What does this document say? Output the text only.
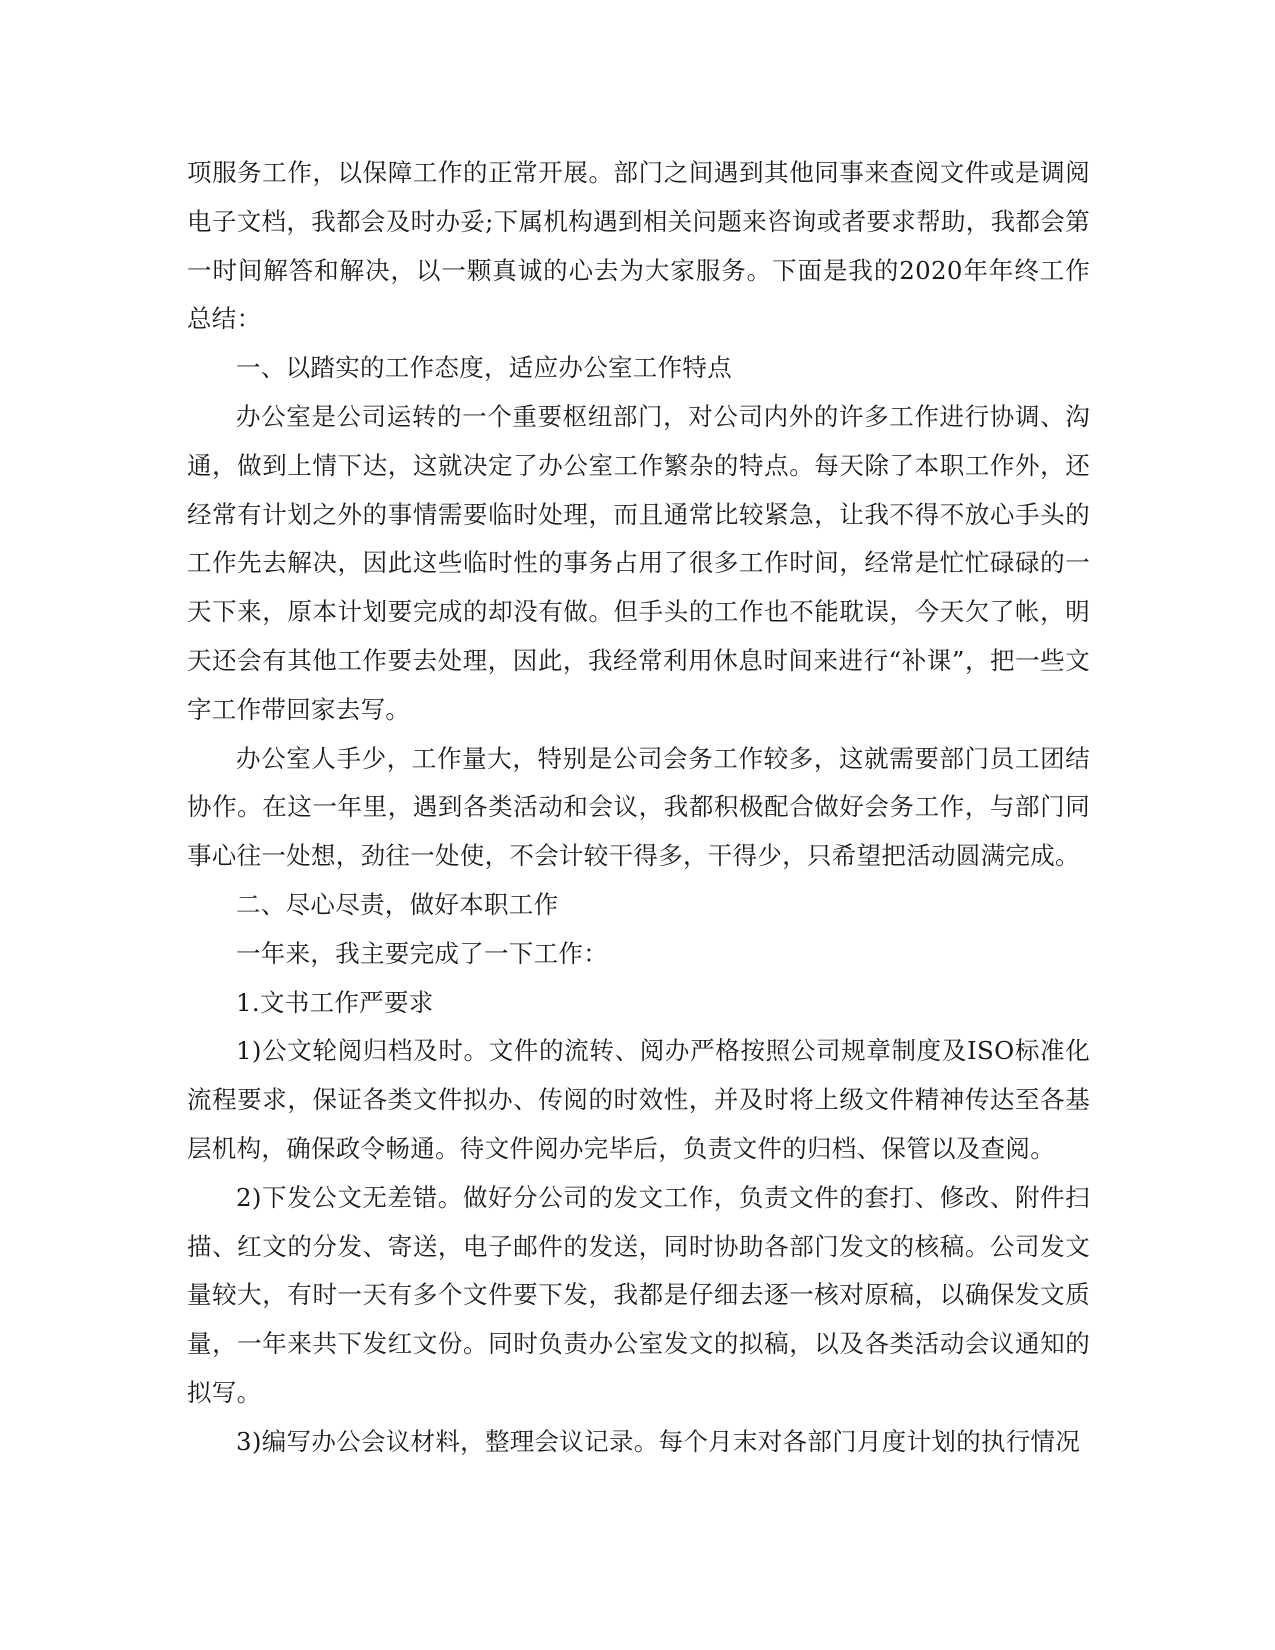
项服务工作，以保障工作的正常开展。部门之间遇到其他同事来查阅文件或是调阅电子文档，我都会及时办妥;下属机构遇到相关问题来咨询或者要求帮助，我都会第一时间解答和解决，以一颗真诚的心去为大家服务。下面是我的2020年年终工作总结：

一、以踏实的工作态度，适应办公室工作特点

办公室是公司运转的一个重要枢纽部门，对公司内外的许多工作进行协调、沟通，做到上情下达，这就决定了办公室工作繁杂的特点。每天除了本职工作外，还经常有计划之外的事情需要临时处理，而且通常比较紧急，让我不得不放心手头的工作先去解决，因此这些临时性的事务占用了很多工作时间，经常是忙忙碌碌的一天下来，原本计划要完成的却没有做。但手头的工作也不能耽误，今天欠了帐，明天还会有其他工作要去处理，因此，我经常利用休息时间来进行“补课”，把一些文字工作带回家去写。

办公室人手少，工作量大，特别是公司会务工作较多，这就需要部门员工团结协作。在这一年里，遇到各类活动和会议，我都积极配合做好会务工作，与部门同事心往一处想，劲往一处使，不会计较干得多，干得少，只希望把活动圆满完成。

二、尽心尽责，做好本职工作

一年来，我主要完成了一下工作：

1.文书工作严要求

1)公文轮阅归档及时。文件的流转、阅办严格按照公司规章制度及ISO标准化流程要求，保证各类文件拟办、传阅的时效性，并及时将上级文件精神传达至各基层机构，确保政令畅通。待文件阅办完毕后，负责文件的归档、保管以及查阅。

2)下发公文无差错。做好分公司的发文工作，负责文件的套打、修改、附件扫描、红文的分发、寄送，电子邮件的发送，同时协助各部门发文的核稿。公司发文量较大，有时一天有多个文件要下发，我都是仔细去逐一核对原稿，以确保发文质量，一年来共下发红文份。同时负责办公室发文的拟稿，以及各类活动会议通知的拟写。

3)编写办公会议材料，整理会议记录。每个月末对各部门月度计划的执行情况
